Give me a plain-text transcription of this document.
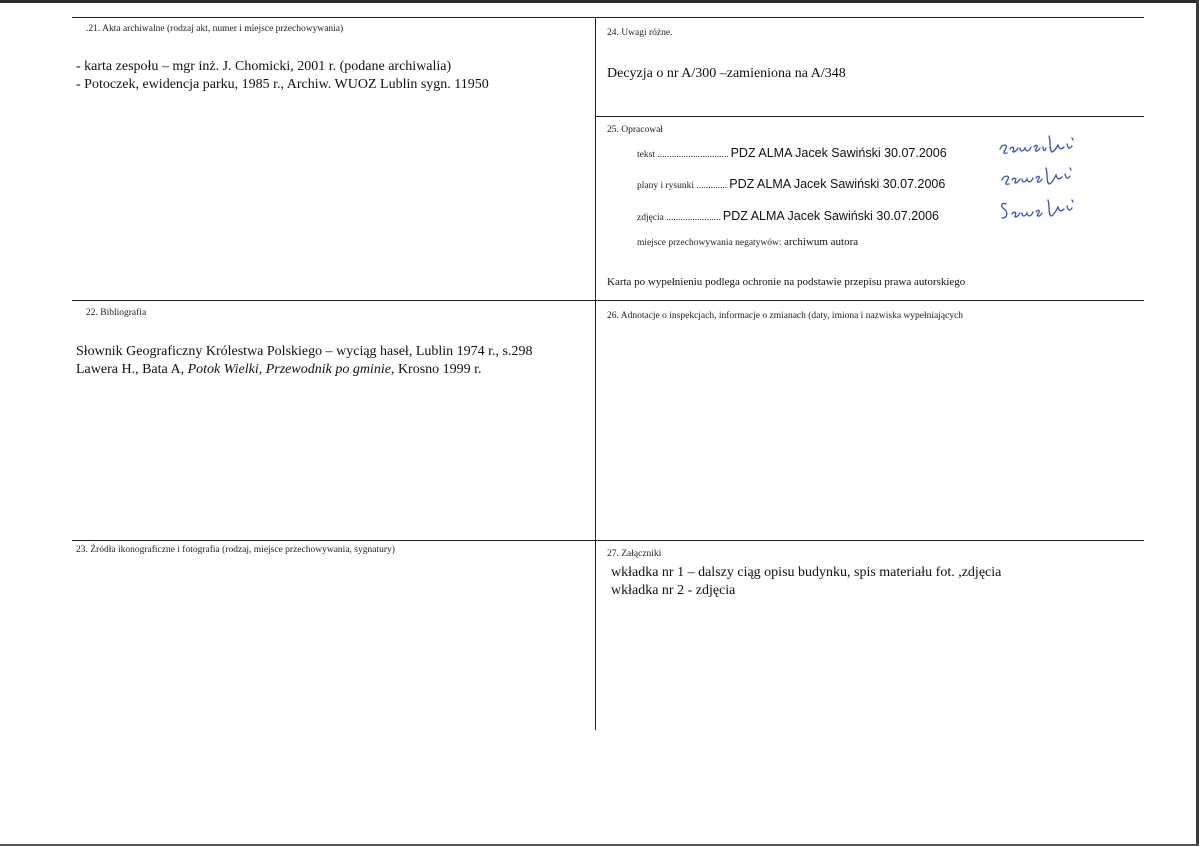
.21. Akta archiwalne (rodzaj akt, numer i miejsce przechowywania)
- karta zespołu – mgr inż. J. Chomicki, 2001 r. (podane archiwalia)
- Potoczek, ewidencja parku, 1985 r., Archiw. WUOZ Lublin sygn. 11950
24. Uwagi różne.
Decyzja o nr A/300 –zamieniona na A/348
25. Opracował
tekst .............................. PDZ ALMA Jacek Sawiński 30.07.2006
plany i rysunki ............. PDZ ALMA Jacek Sawiński 30.07.2006
zdjęcia ....................... PDZ ALMA Jacek Sawiński 30.07.2006
miejsce przechowywania negatywów: archiwum autora
Karta po wypełnieniu podlega ochronie na podstawie przepisu prawa autorskiego
22. Bibliografia
Słownik Geograficzny Królestwa Polskiego – wyciąg haseł, Lublin 1974 r., s.298
Lawera H., Bata A, Potok Wielki, Przewodnik po gminie, Krosno 1999 r.
26. Adnotacje o inspekcjach, informacje o zmianach (daty, imiona i nazwiska wypełniających
23. Źródła ikonograficzne i fotografia (rodzaj, miejsce przechowywania, sygnatury)	27. Załączniki
wkładka nr 1 – dalszy ciąg opisu budynku, spis materiału fot. ,zdjęcia
wkładka nr 2 - zdjęcia
